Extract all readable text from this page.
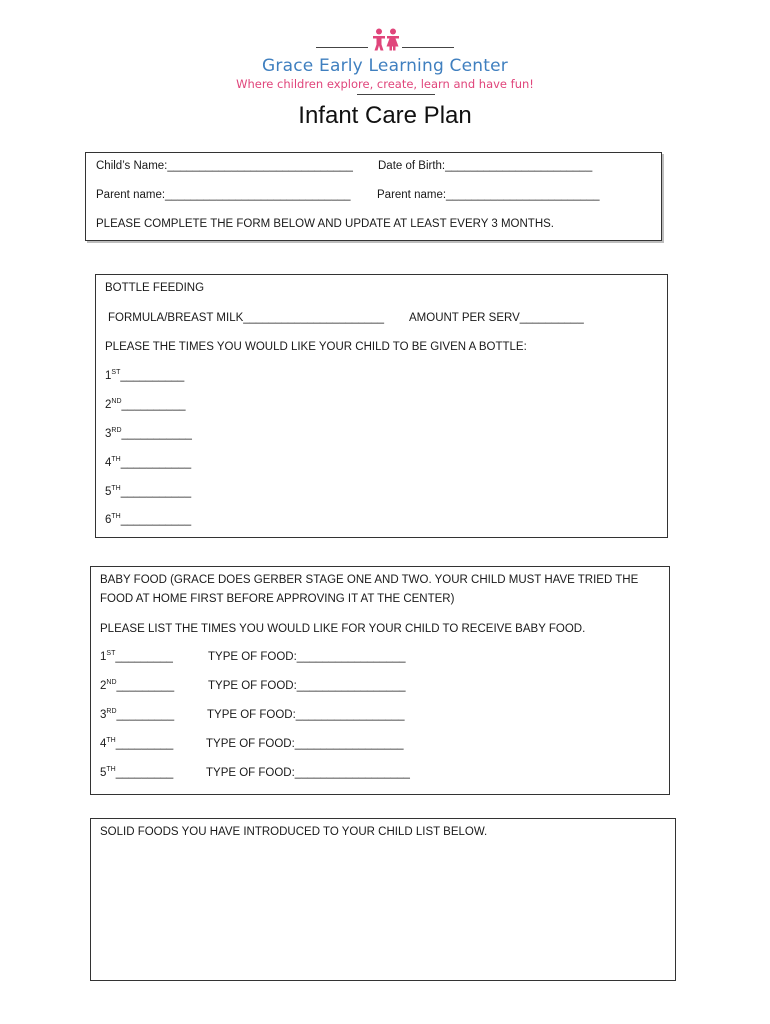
Grace Early Learning Center
Where children explore, create, learn and have fun!
Infant Care Plan
Child’s Name:_____________________________ Date of Birth:_______________________
Parent name:_____________________________ Parent name:________________________
PLEASE COMPLETE THE FORM BELOW AND UPDATE AT LEAST EVERY 3 MONTHS.
BOTTLE FEEDING
FORMULA/BREAST MILK______________________ AMOUNT PER SERV__________
PLEASE THE TIMES YOU WOULD LIKE YOUR CHILD TO BE GIVEN A BOTTLE:
1ST__________
2ND__________
3RD___________
4TH___________
5TH___________
6TH___________
BABY FOOD (GRACE DOES GERBER STAGE ONE AND TWO. YOUR CHILD MUST HAVE TRIED THE
FOOD AT HOME FIRST BEFORE APPROVING IT AT THE CENTER)
PLEASE LIST THE TIMES YOU WOULD LIKE FOR YOUR CHILD TO RECEIVE BABY FOOD.
1ST_________	TYPE OF FOOD:_________________
2ND_________	TYPE OF FOOD:_________________
3RD_________	TYPE OF FOOD:_________________
4TH_________	TYPE OF FOOD:_________________
5TH_________	TYPE OF FOOD:__________________
SOLID FOODS YOU HAVE INTRODUCED TO YOUR CHILD LIST BELOW.
